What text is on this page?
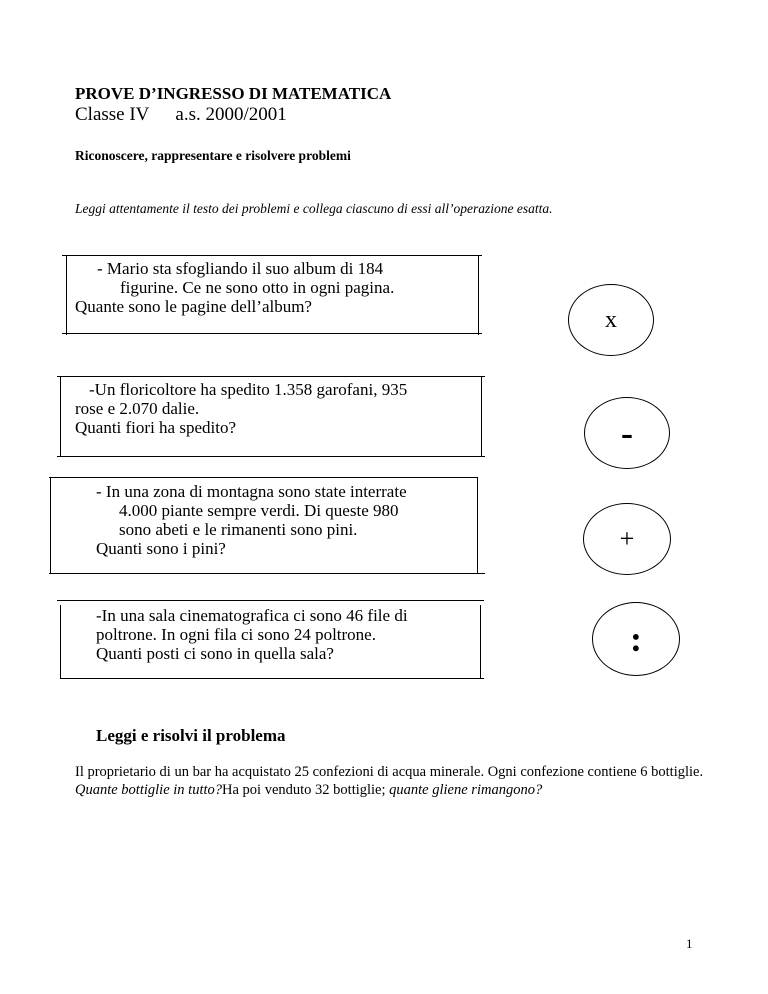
PROVE D’INGRESSO DI MATEMATICA
Classe IV a.s. 2000/2001
Riconoscere, rappresentare e risolvere problemi
Leggi attentamente il testo dei problemi e collega ciascuno di essi all’operazione esatta.
- Mario sta sfogliando il suo album di 184
figurine. Ce ne sono otto in ogni pagina.
Quante sono le pagine dell’album?
-Un floricoltore ha spedito 1.358 garofani, 935
rose e 2.070 dalie.
Quanti fiori ha spedito?
- In una zona di montagna sono state interrate
4.000 piante sempre verdi. Di queste 980
sono abeti e le rimanenti sono pini.
Quanti sono i pini?
-In una sala cinematografica ci sono 46 file di
poltrone. In ogni fila ci sono 24 poltrone.
Quanti posti ci sono in quella sala?
x
-
+
:
Leggi e risolvi il problema
Il proprietario di un bar ha acquistato 25 confezioni di acqua minerale. Ogni confezione contiene 6 bottiglie. Quante bottiglie in tutto?Ha poi venduto 32 bottiglie; quante gliene rimangono?
1
